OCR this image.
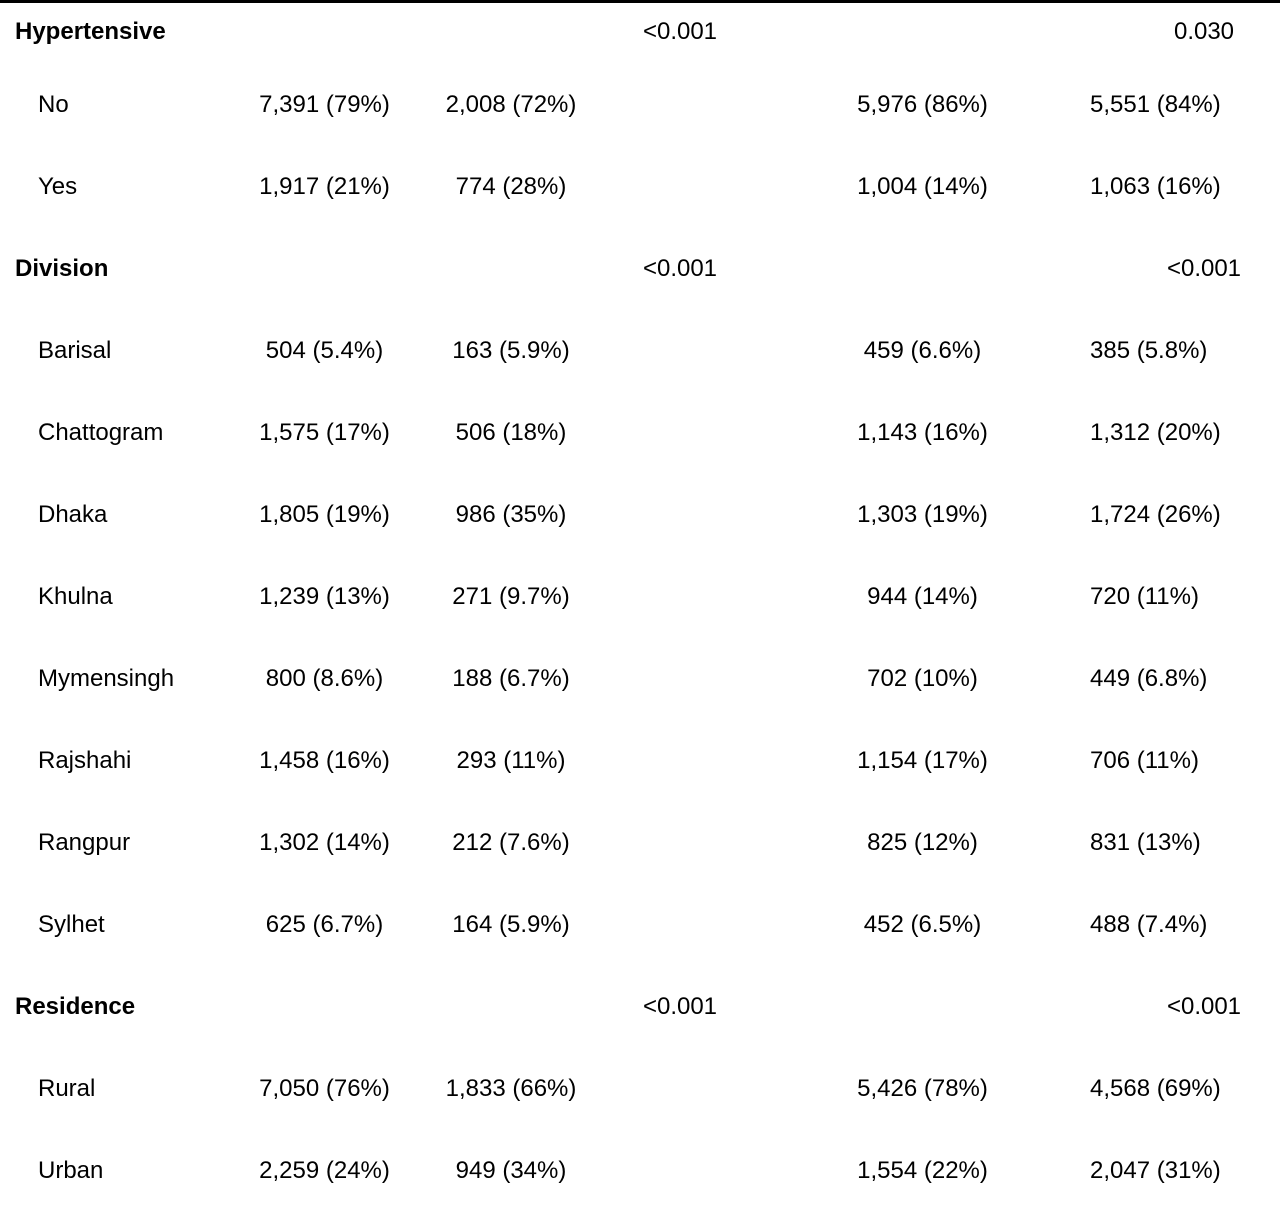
Hypertensive			<0.001			0.030
No	7,391 (79%)	2,008 (72%)		5,976 (86%)	5,551 (84%)	
Yes	1,917 (21%)	774 (28%)		1,004 (14%)	1,063 (16%)	
Division			<0.001			<0.001
Barisal	504 (5.4%)	163 (5.9%)		459 (6.6%)	385 (5.8%)	
Chattogram	1,575 (17%)	506 (18%)		1,143 (16%)	1,312 (20%)	
Dhaka	1,805 (19%)	986 (35%)		1,303 (19%)	1,724 (26%)	
Khulna	1,239 (13%)	271 (9.7%)		944 (14%)	720 (11%)	
Mymensingh	800 (8.6%)	188 (6.7%)		702 (10%)	449 (6.8%)	
Rajshahi	1,458 (16%)	293 (11%)		1,154 (17%)	706 (11%)	
Rangpur	1,302 (14%)	212 (7.6%)		825 (12%)	831 (13%)	
Sylhet	625 (6.7%)	164 (5.9%)		452 (6.5%)	488 (7.4%)	
Residence			<0.001			<0.001
Rural	7,050 (76%)	1,833 (66%)		5,426 (78%)	4,568 (69%)	
Urban	2,259 (24%)	949 (34%)		1,554 (22%)	2,047 (31%)	
